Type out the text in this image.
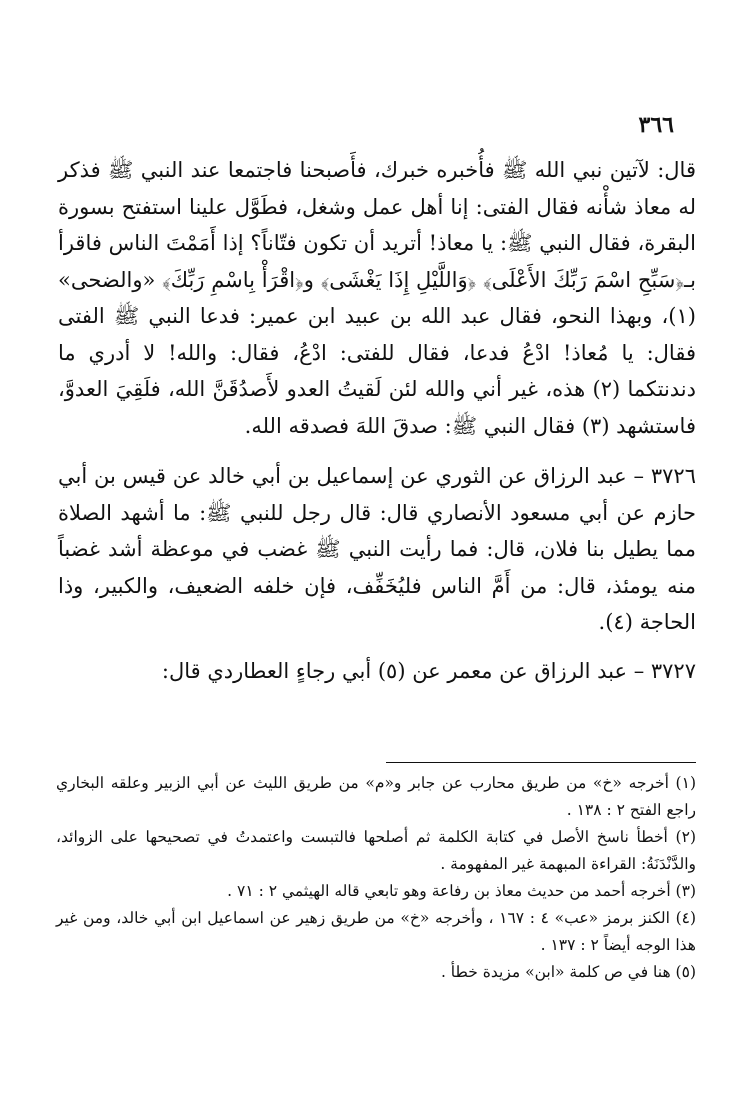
٣٦٦

قال: لآتين نبي الله ﷺ فأُخبره خبرك، فأَصبحنا فاجتمعا عند النبي ﷺ فذكر له معاذ شأْنه فقال الفتى: إنا أهل عمل وشغل، فطَوَّل علينا استفتح بسورة البقرة، فقال النبي ﷺ: يا معاذ! أتريد أن تكون فتّاناً؟ إذا أَمَمْتَ الناس فاقرأ بـ﴿سَبِّحِ اسْمَ رَبِّكَ الأَعْلَى﴾ ﴿وَاللَّيْلِ إِذَا يَغْشَى﴾ و﴿اقْرَأْ بِاسْمِ رَبِّكَ﴾ «والضحى» (١)، وبهذا النحو، فقال عبد الله بن عبيد ابن عمير: فدعا النبي ﷺ الفتى فقال: يا مُعاذ! ادْعُ فدعا، فقال للفتى: ادْعُ، فقال: والله! لا أدري ما دندنتكما (٢) هذه، غير أني والله لئن لَقيتُ العدو لأَصدُقَنَّ الله، فلَقِيَ العدوَّ، فاستشهد (٣) فقال النبي ﷺ: صدقَ اللهَ فصدقه الله.

٣٧٢٦ – عبد الرزاق عن الثوري عن إسماعيل بن أبي خالد عن قيس بن أبي حازم عن أبي مسعود الأنصاري قال: قال رجل للنبي ﷺ: ما أشهد الصلاة مما يطيل بنا فلان، قال: فما رأيت النبي ﷺ غضب في موعظة أشد غضباً منه يومئذ، قال: من أَمَّ الناس فليُخَفِّف، فإن خلفه الضعيف، والكبير، وذا الحاجة (٤).

٣٧٢٧ – عبد الرزاق عن معمر عن (٥) أبي رجاءٍ العطاردي قال:

(١) أخرجه «خ» من طريق محارب عن جابر و«م» من طريق الليث عن أبي الزبير وعلقه البخاري راجع الفتح ٢ : ١٣٨ .

(٢) أخطأ ناسخ الأصل في كتابة الكلمة ثم أصلحها فالتبست واعتمدتُ في تصحيحها على الزوائد، والدَّنْدَنَةُ: القراءة المبهمة غير المفهومة .

(٣) أخرجه أحمد من حديث معاذ بن رفاعة وهو تابعي قاله الهيثمي ٢ : ٧١ .

(٤) الكنز برمز «عب» ٤ : ١٦٧ ، وأخرجه «خ» من طريق زهير عن اسماعيل ابن أبي خالد، ومن غير هذا الوجه أيضاً ٢ : ١٣٧ .

(٥) هنا في ص كلمة «ابن» مزيدة خطأ .
